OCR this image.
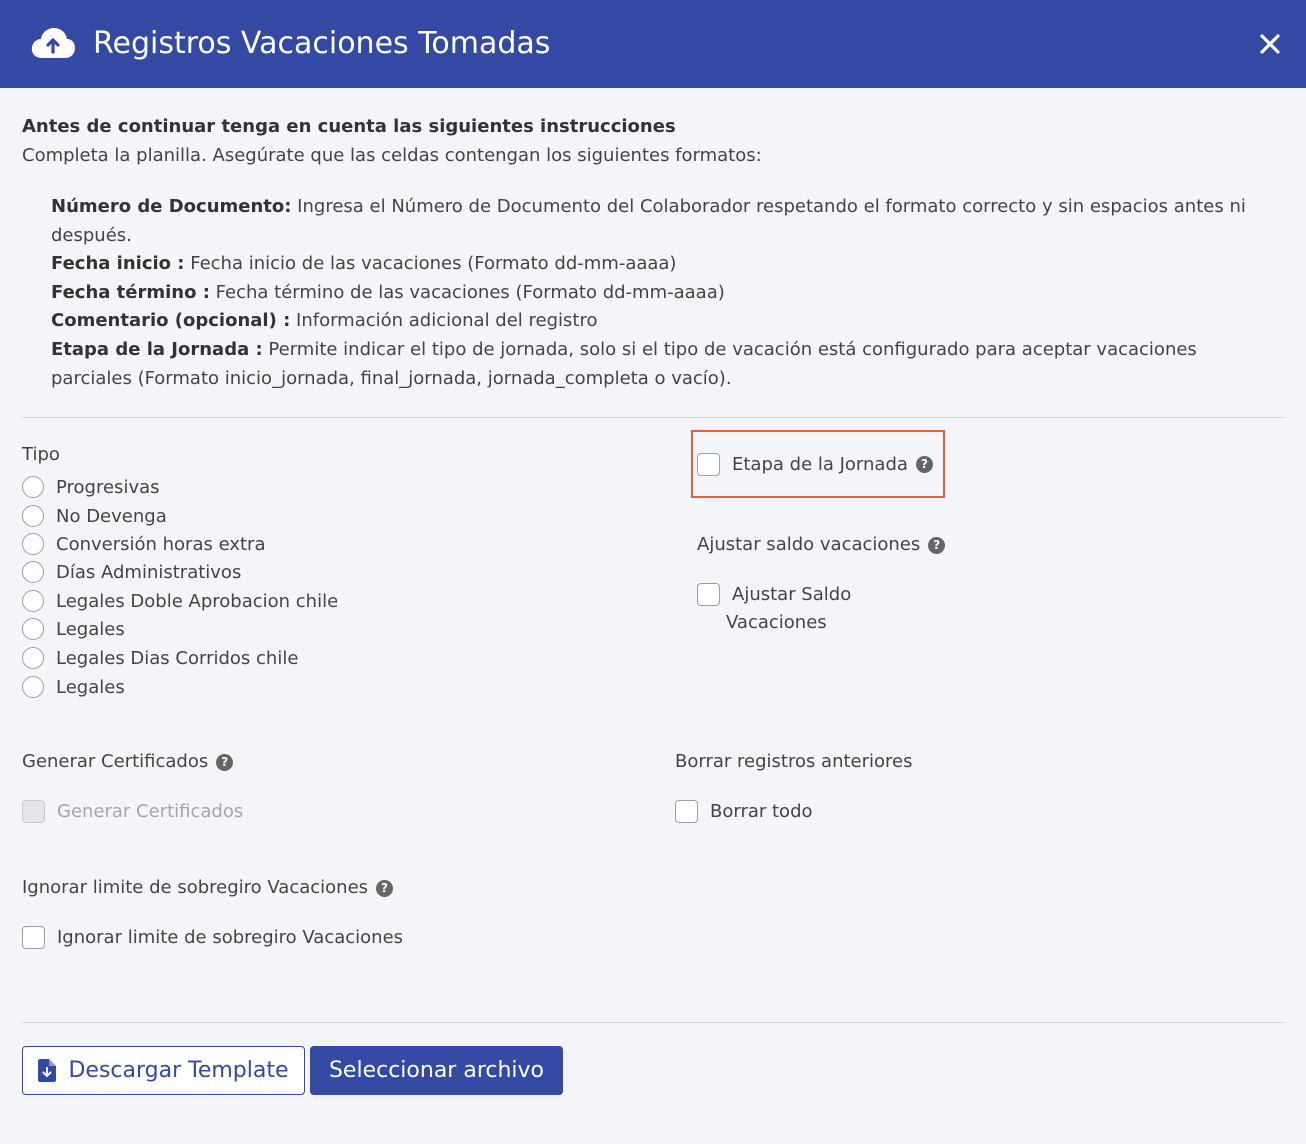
Registros Vacaciones Tomadas
Antes de continuar tenga en cuenta las siguientes instrucciones
Completa la planilla. Asegúrate que las celdas contengan los siguientes formatos:
Número de Documento: Ingresa el Número de Documento del Colaborador respetando el formato correcto y sin espacios antes ni después.
Fecha inicio : Fecha inicio de las vacaciones (Formato dd-mm-aaaa)
Fecha término : Fecha término de las vacaciones (Formato dd-mm-aaaa)
Comentario (opcional) : Información adicional del registro
Etapa de la Jornada : Permite indicar el tipo de jornada, solo si el tipo de vacación está configurado para aceptar vacaciones parciales (Formato inicio_jornada, final_jornada, jornada_completa o vacío).
Tipo
Progresivas
No Devenga
Conversión horas extra
Días Administrativos
Legales Doble Aprobacion chile
Legales
Legales Dias Corridos chile
Legales
Etapa de la Jornada	?
Ajustar saldo vacaciones ?
Ajustar Saldo
Vacaciones
Generar Certificados ?
Generar Certificados
Borrar registros anteriores
Borrar todo
Ignorar limite de sobregiro Vacaciones ?
Ignorar limite de sobregiro Vacaciones
Descargar Template Seleccionar archivo
